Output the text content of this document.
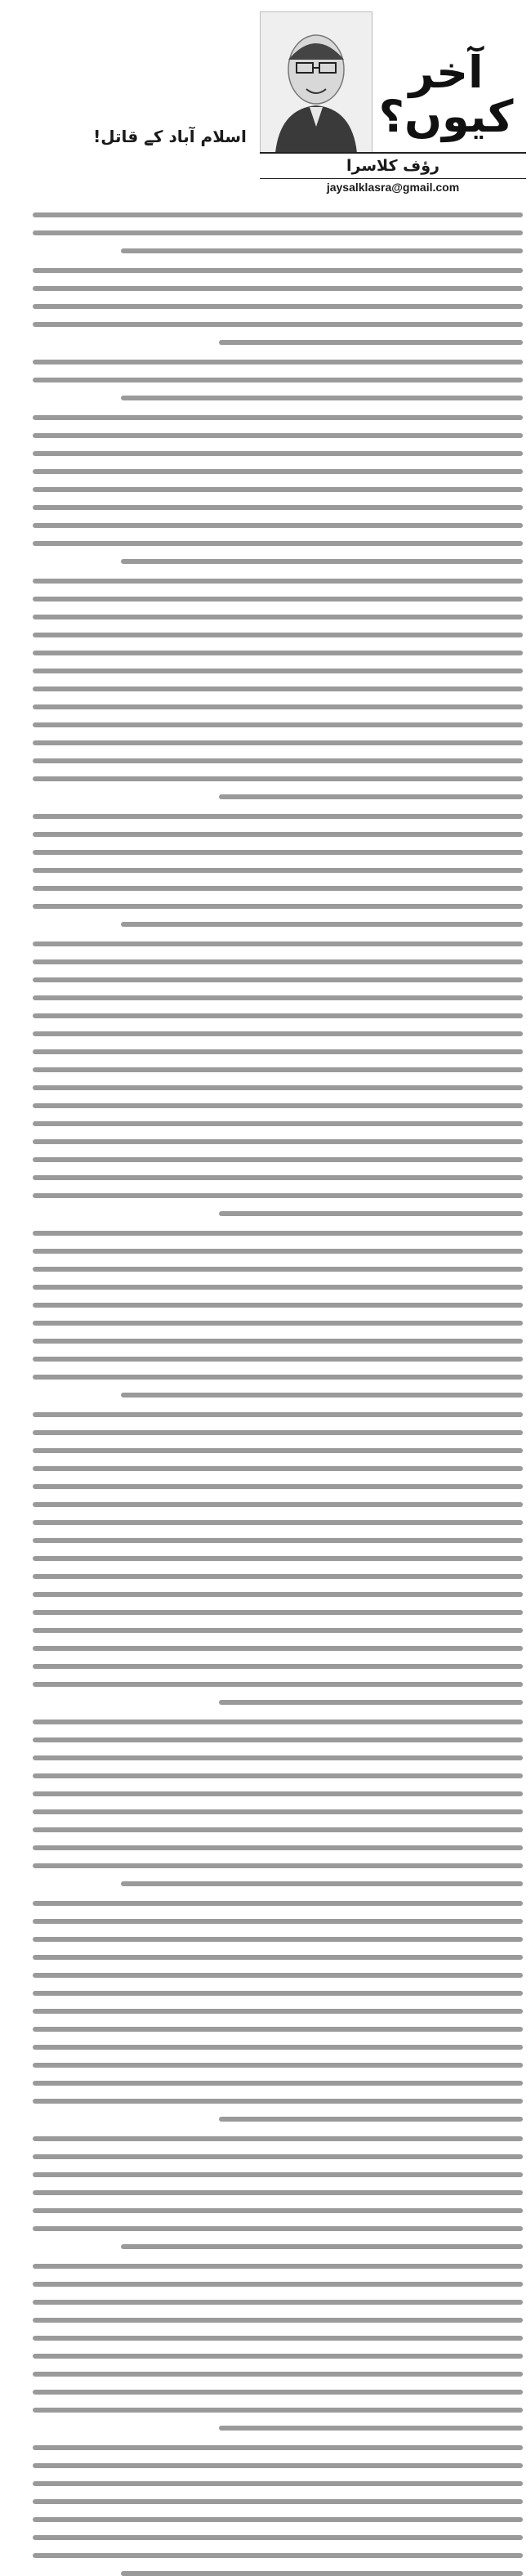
آخر کیوں؟
رؤف کلاسرا
jaysalklasra@gmail.com
اسلام آباد کے قاتل!
